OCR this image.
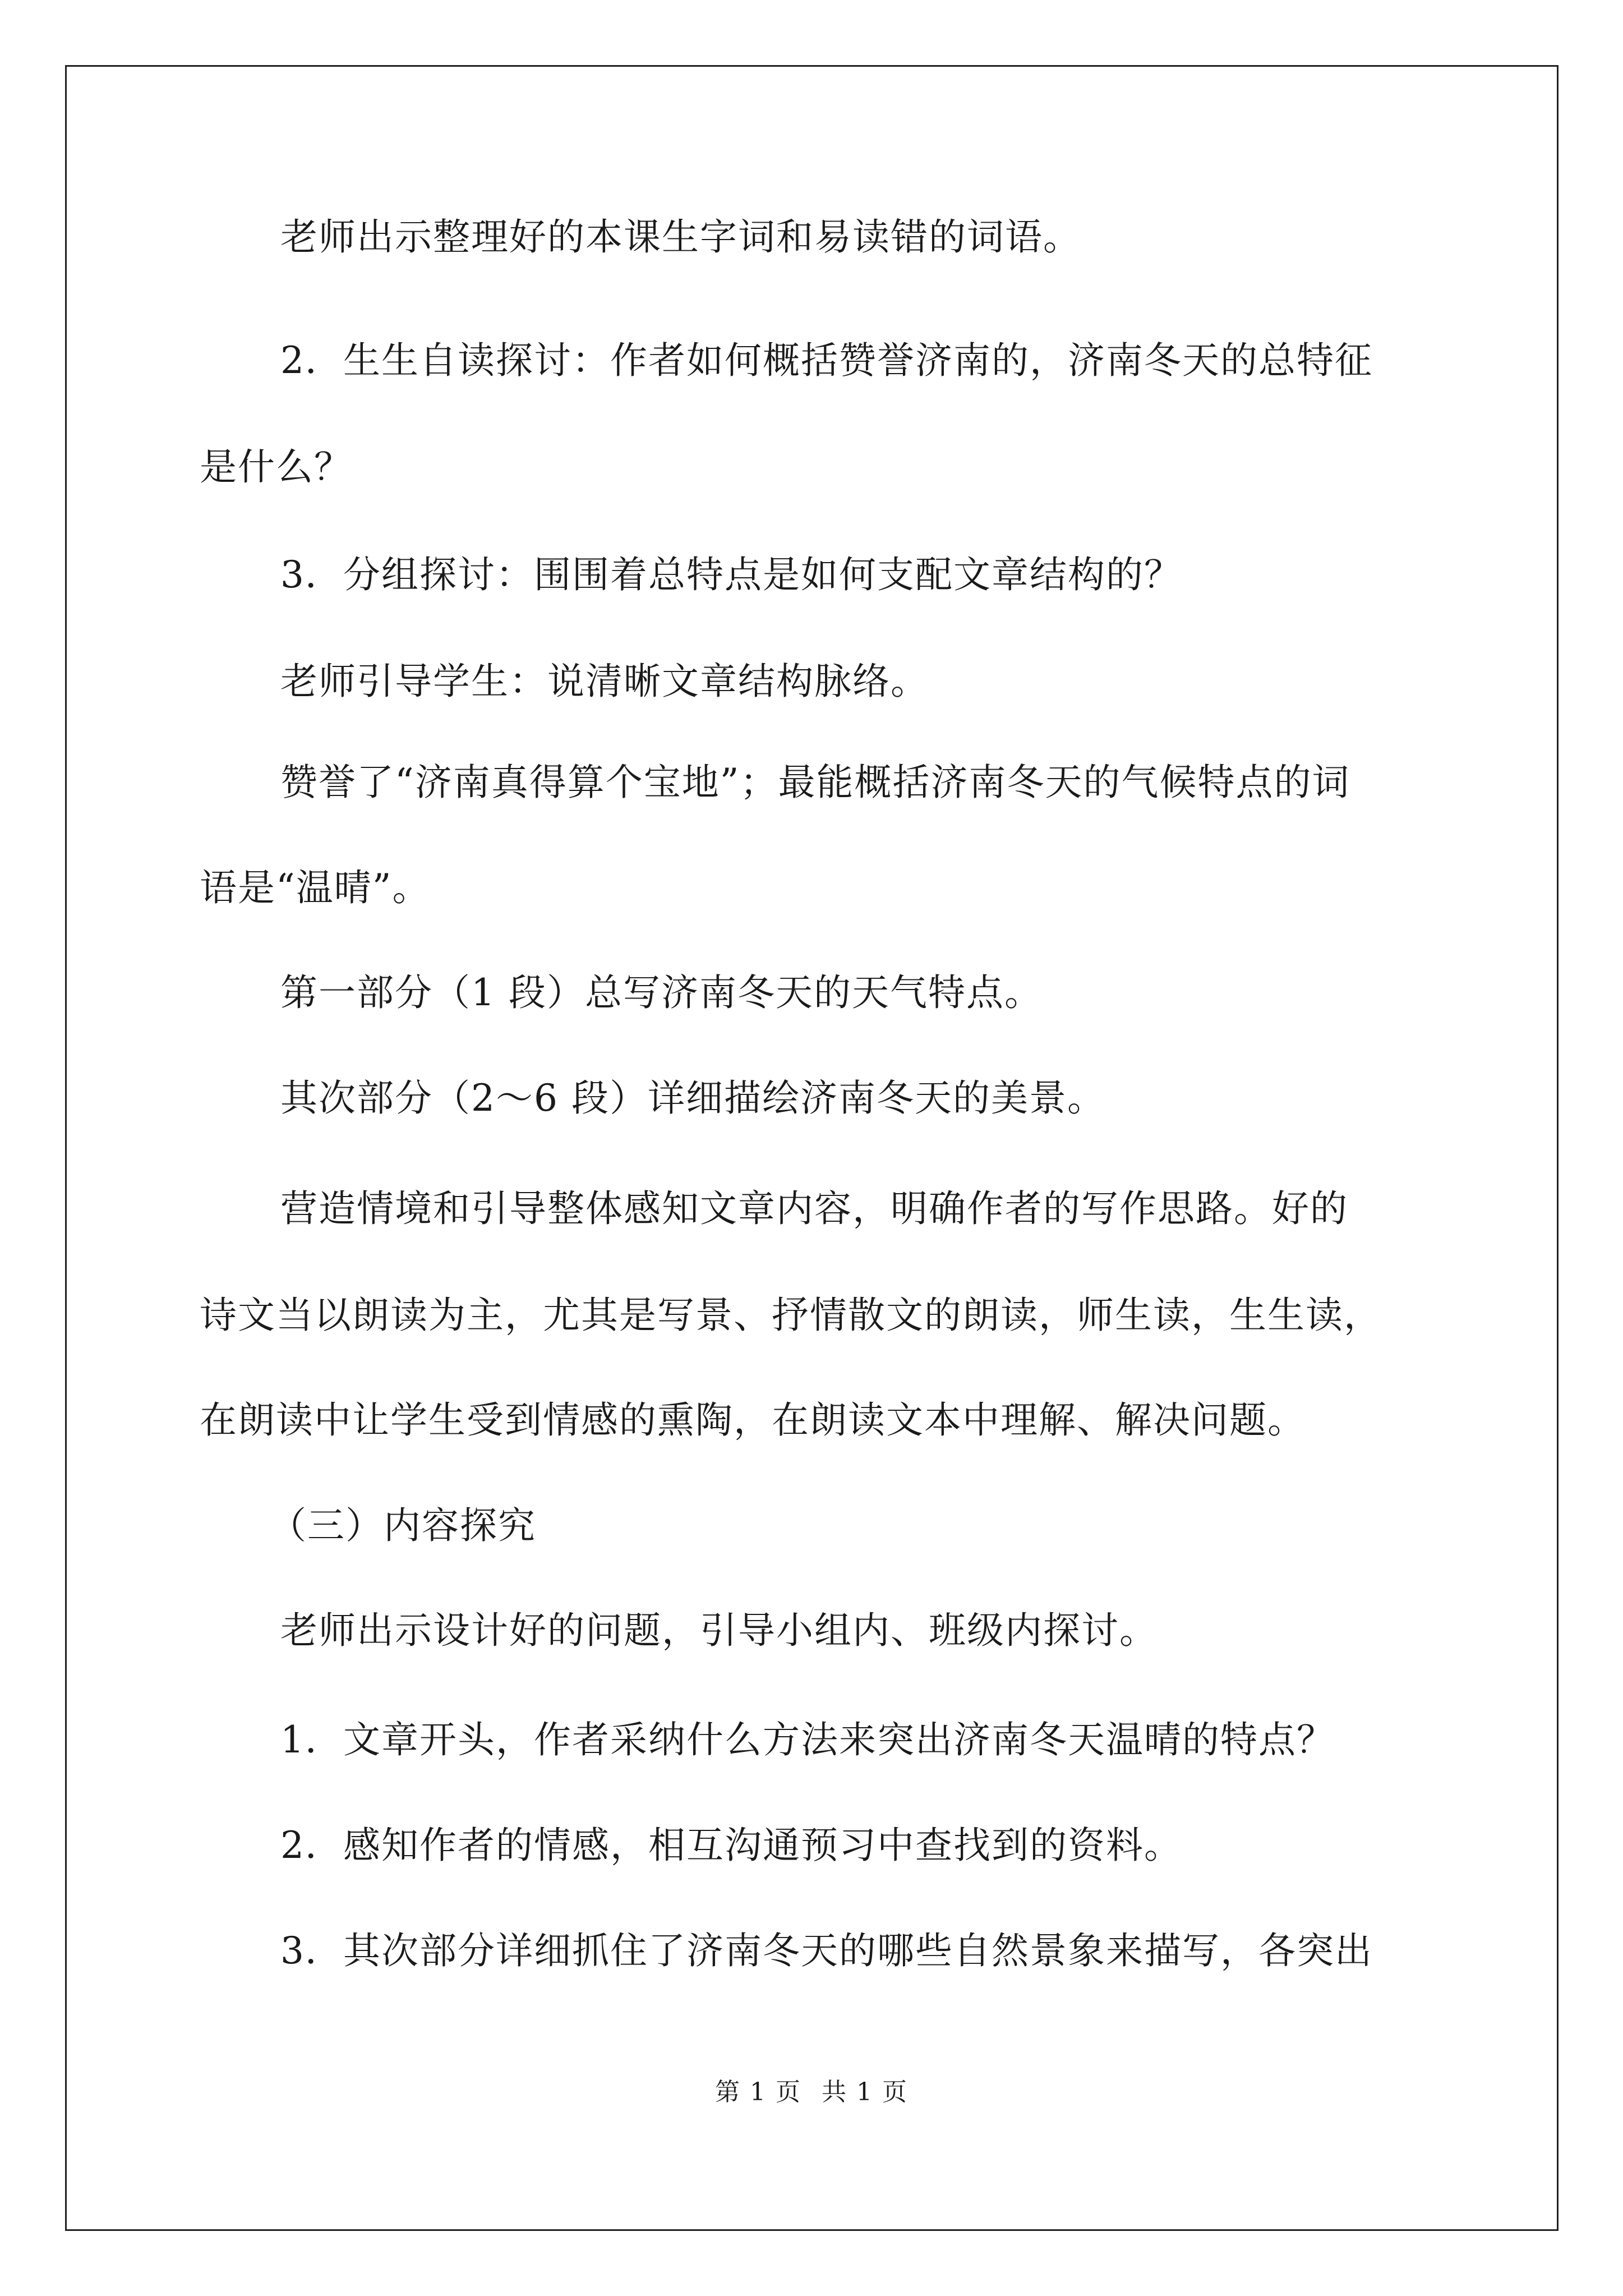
老师出示整理好的本课生字词和易读错的词语。
2．生生自读探讨：作者如何概括赞誉济南的，济南冬天的总特征
是什么？
3．分组探讨：围围着总特点是如何支配文章结构的？
老师引导学生：说清晰文章结构脉络。
赞誉了“济南真得算个宝地”；最能概括济南冬天的气候特点的词
语是“温晴”。
第一部分（1 段）总写济南冬天的天气特点。
其次部分（2～6 段）详细描绘济南冬天的美景。
营造情境和引导整体感知文章内容，明确作者的写作思路。好的
诗文当以朗读为主，尤其是写景、抒情散文的朗读，师生读，生生读，
在朗读中让学生受到情感的熏陶，在朗读文本中理解、解决问题。
（三）内容探究
老师出示设计好的问题，引导小组内、班级内探讨。
1．文章开头，作者采纳什么方法来突出济南冬天温晴的特点？
2．感知作者的情感，相互沟通预习中查找到的资料。
3．其次部分详细抓住了济南冬天的哪些自然景象来描写，各突出
第 1 页 共 1 页
